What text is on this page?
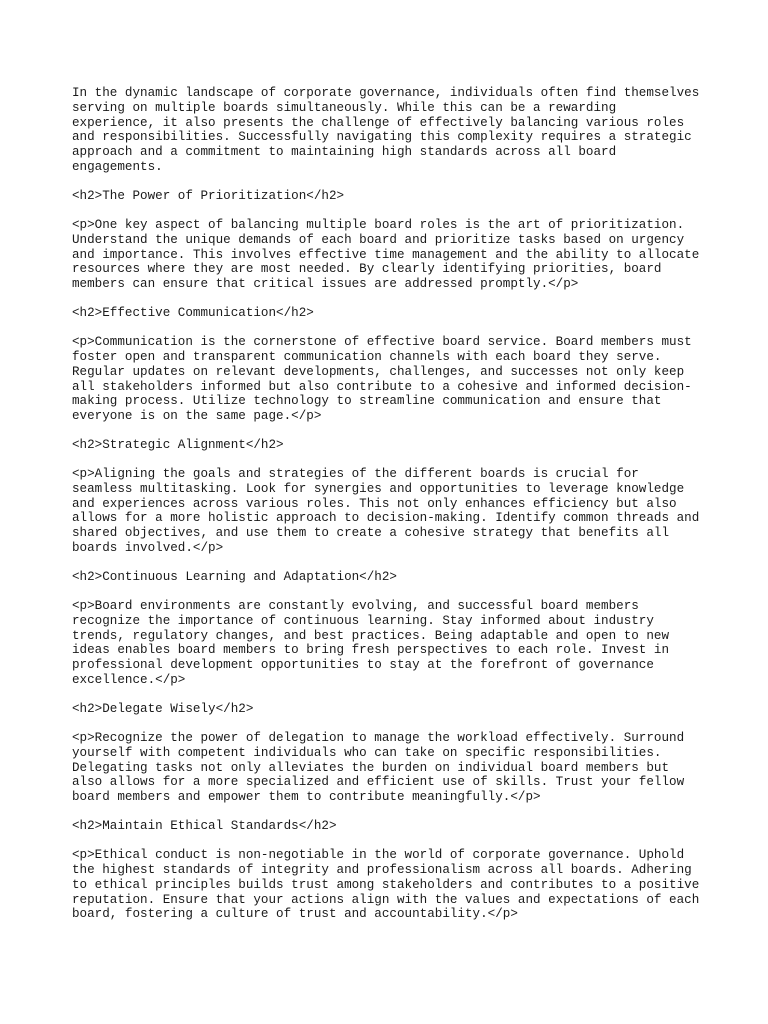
In the dynamic landscape of corporate governance, individuals often find themselves
serving on multiple boards simultaneously. While this can be a rewarding
experience, it also presents the challenge of effectively balancing various roles
and responsibilities. Successfully navigating this complexity requires a strategic
approach and a commitment to maintaining high standards across all board
engagements.

<h2>The Power of Prioritization</h2>

<p>One key aspect of balancing multiple board roles is the art of prioritization.
Understand the unique demands of each board and prioritize tasks based on urgency
and importance. This involves effective time management and the ability to allocate
resources where they are most needed. By clearly identifying priorities, board
members can ensure that critical issues are addressed promptly.</p>

<h2>Effective Communication</h2>

<p>Communication is the cornerstone of effective board service. Board members must
foster open and transparent communication channels with each board they serve.
Regular updates on relevant developments, challenges, and successes not only keep
all stakeholders informed but also contribute to a cohesive and informed decision-
making process. Utilize technology to streamline communication and ensure that
everyone is on the same page.</p>

<h2>Strategic Alignment</h2>

<p>Aligning the goals and strategies of the different boards is crucial for
seamless multitasking. Look for synergies and opportunities to leverage knowledge
and experiences across various roles. This not only enhances efficiency but also
allows for a more holistic approach to decision-making. Identify common threads and
shared objectives, and use them to create a cohesive strategy that benefits all
boards involved.</p>

<h2>Continuous Learning and Adaptation</h2>

<p>Board environments are constantly evolving, and successful board members
recognize the importance of continuous learning. Stay informed about industry
trends, regulatory changes, and best practices. Being adaptable and open to new
ideas enables board members to bring fresh perspectives to each role. Invest in
professional development opportunities to stay at the forefront of governance
excellence.</p>

<h2>Delegate Wisely</h2>

<p>Recognize the power of delegation to manage the workload effectively. Surround
yourself with competent individuals who can take on specific responsibilities.
Delegating tasks not only alleviates the burden on individual board members but
also allows for a more specialized and efficient use of skills. Trust your fellow
board members and empower them to contribute meaningfully.</p>

<h2>Maintain Ethical Standards</h2>

<p>Ethical conduct is non-negotiable in the world of corporate governance. Uphold
the highest standards of integrity and professionalism across all boards. Adhering
to ethical principles builds trust among stakeholders and contributes to a positive
reputation. Ensure that your actions align with the values and expectations of each
board, fostering a culture of trust and accountability.</p>
